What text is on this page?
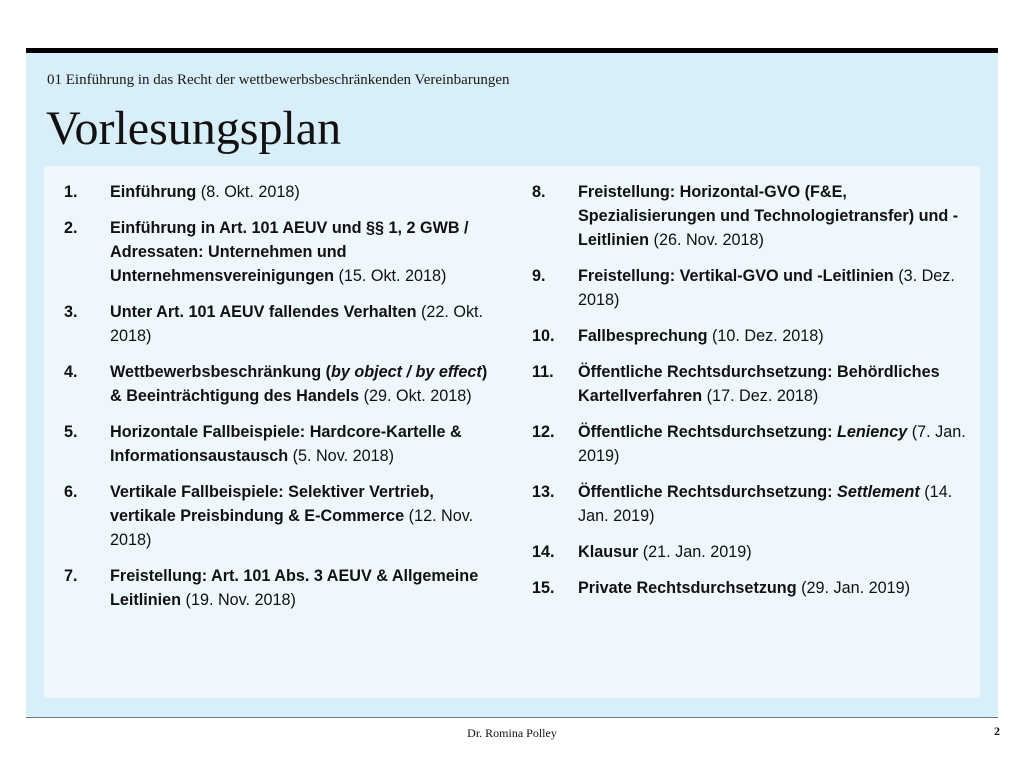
01 Einführung in das Recht der wettbewerbsbeschränkenden Vereinbarungen
Vorlesungsplan
1. Einführung (8. Okt. 2018)
2. Einführung in Art. 101 AEUV und §§ 1, 2 GWB / Adressaten: Unternehmen und Unternehmensvereinigungen (15. Okt. 2018)
3. Unter Art. 101 AEUV fallendes Verhalten (22. Okt. 2018)
4. Wettbewerbsbeschränkung (by object / by effect) & Beeinträchtigung des Handels (29. Okt. 2018)
5. Horizontale Fallbeispiele: Hardcore-Kartelle & Informationsaustausch (5. Nov. 2018)
6. Vertikale Fallbeispiele: Selektiver Vertrieb, vertikale Preisbindung & E-Commerce (12. Nov. 2018)
7. Freistellung: Art. 101 Abs. 3 AEUV & Allgemeine Leitlinien (19. Nov. 2018)
8. Freistellung: Horizontal-GVO (F&E, Spezialisierungen und Technologietransfer) und -Leitlinien (26. Nov. 2018)
9. Freistellung: Vertikal-GVO und -Leitlinien (3. Dez. 2018)
10. Fallbesprechung (10. Dez. 2018)
11. Öffentliche Rechtsdurchsetzung: Behördliches Kartellverfahren (17. Dez. 2018)
12. Öffentliche Rechtsdurchsetzung: Leniency (7. Jan. 2019)
13. Öffentliche Rechtsdurchsetzung: Settlement (14. Jan. 2019)
14. Klausur (21. Jan. 2019)
15. Private Rechtsdurchsetzung (29. Jan. 2019)
Dr. Romina Polley	2
